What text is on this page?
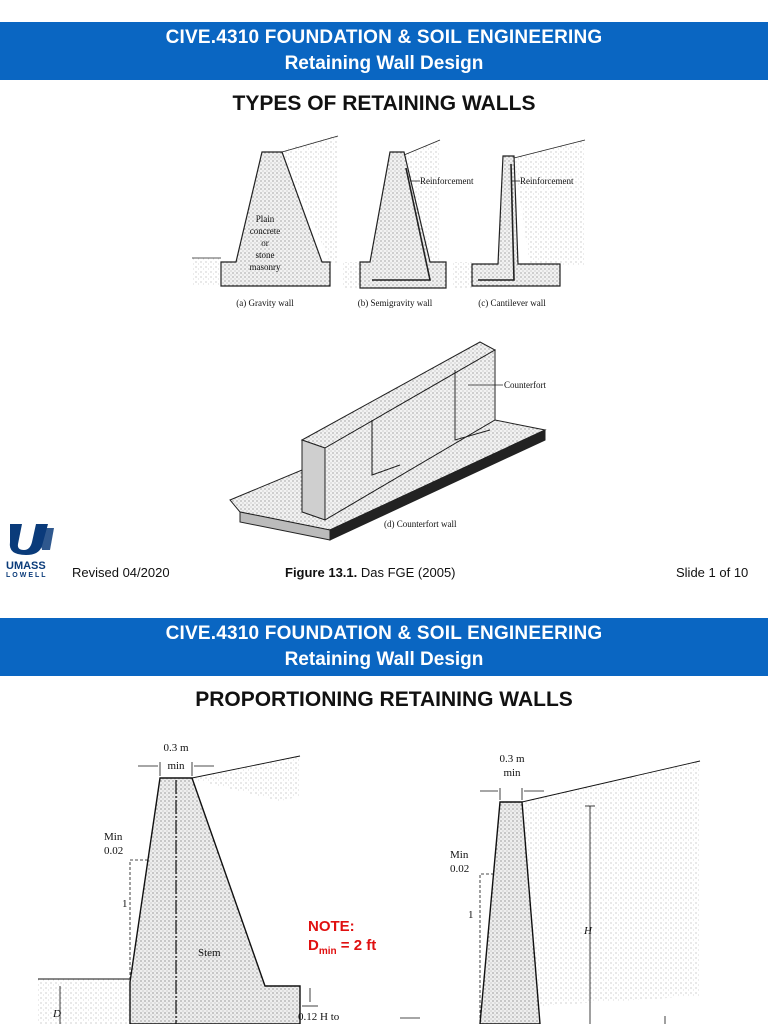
CIVE.4310 FOUNDATION & SOIL ENGINEERING
Retaining Wall Design
TYPES OF RETAINING WALLS
Plain
concrete
or
stone
masonry
(a) Gravity wall
Reinforcement
(b) Semigravity wall
Reinforcement
(c) Cantilever wall
Counterfort
(d) Counterfort wall
UMASS
LOWELL	Revised 04/2020	Figure 13.1. Das FGE (2005)	Slide 1 of 10
CIVE.4310 FOUNDATION & SOIL ENGINEERING
Retaining Wall Design
PROPORTIONING RETAINING WALLS
0.3 m
min
Min
0.02
1
Stem
D	0.12 H to
0.3 m
min
Min
0.02
1
H
NOTE:
$D_{min} = 2$ ft
